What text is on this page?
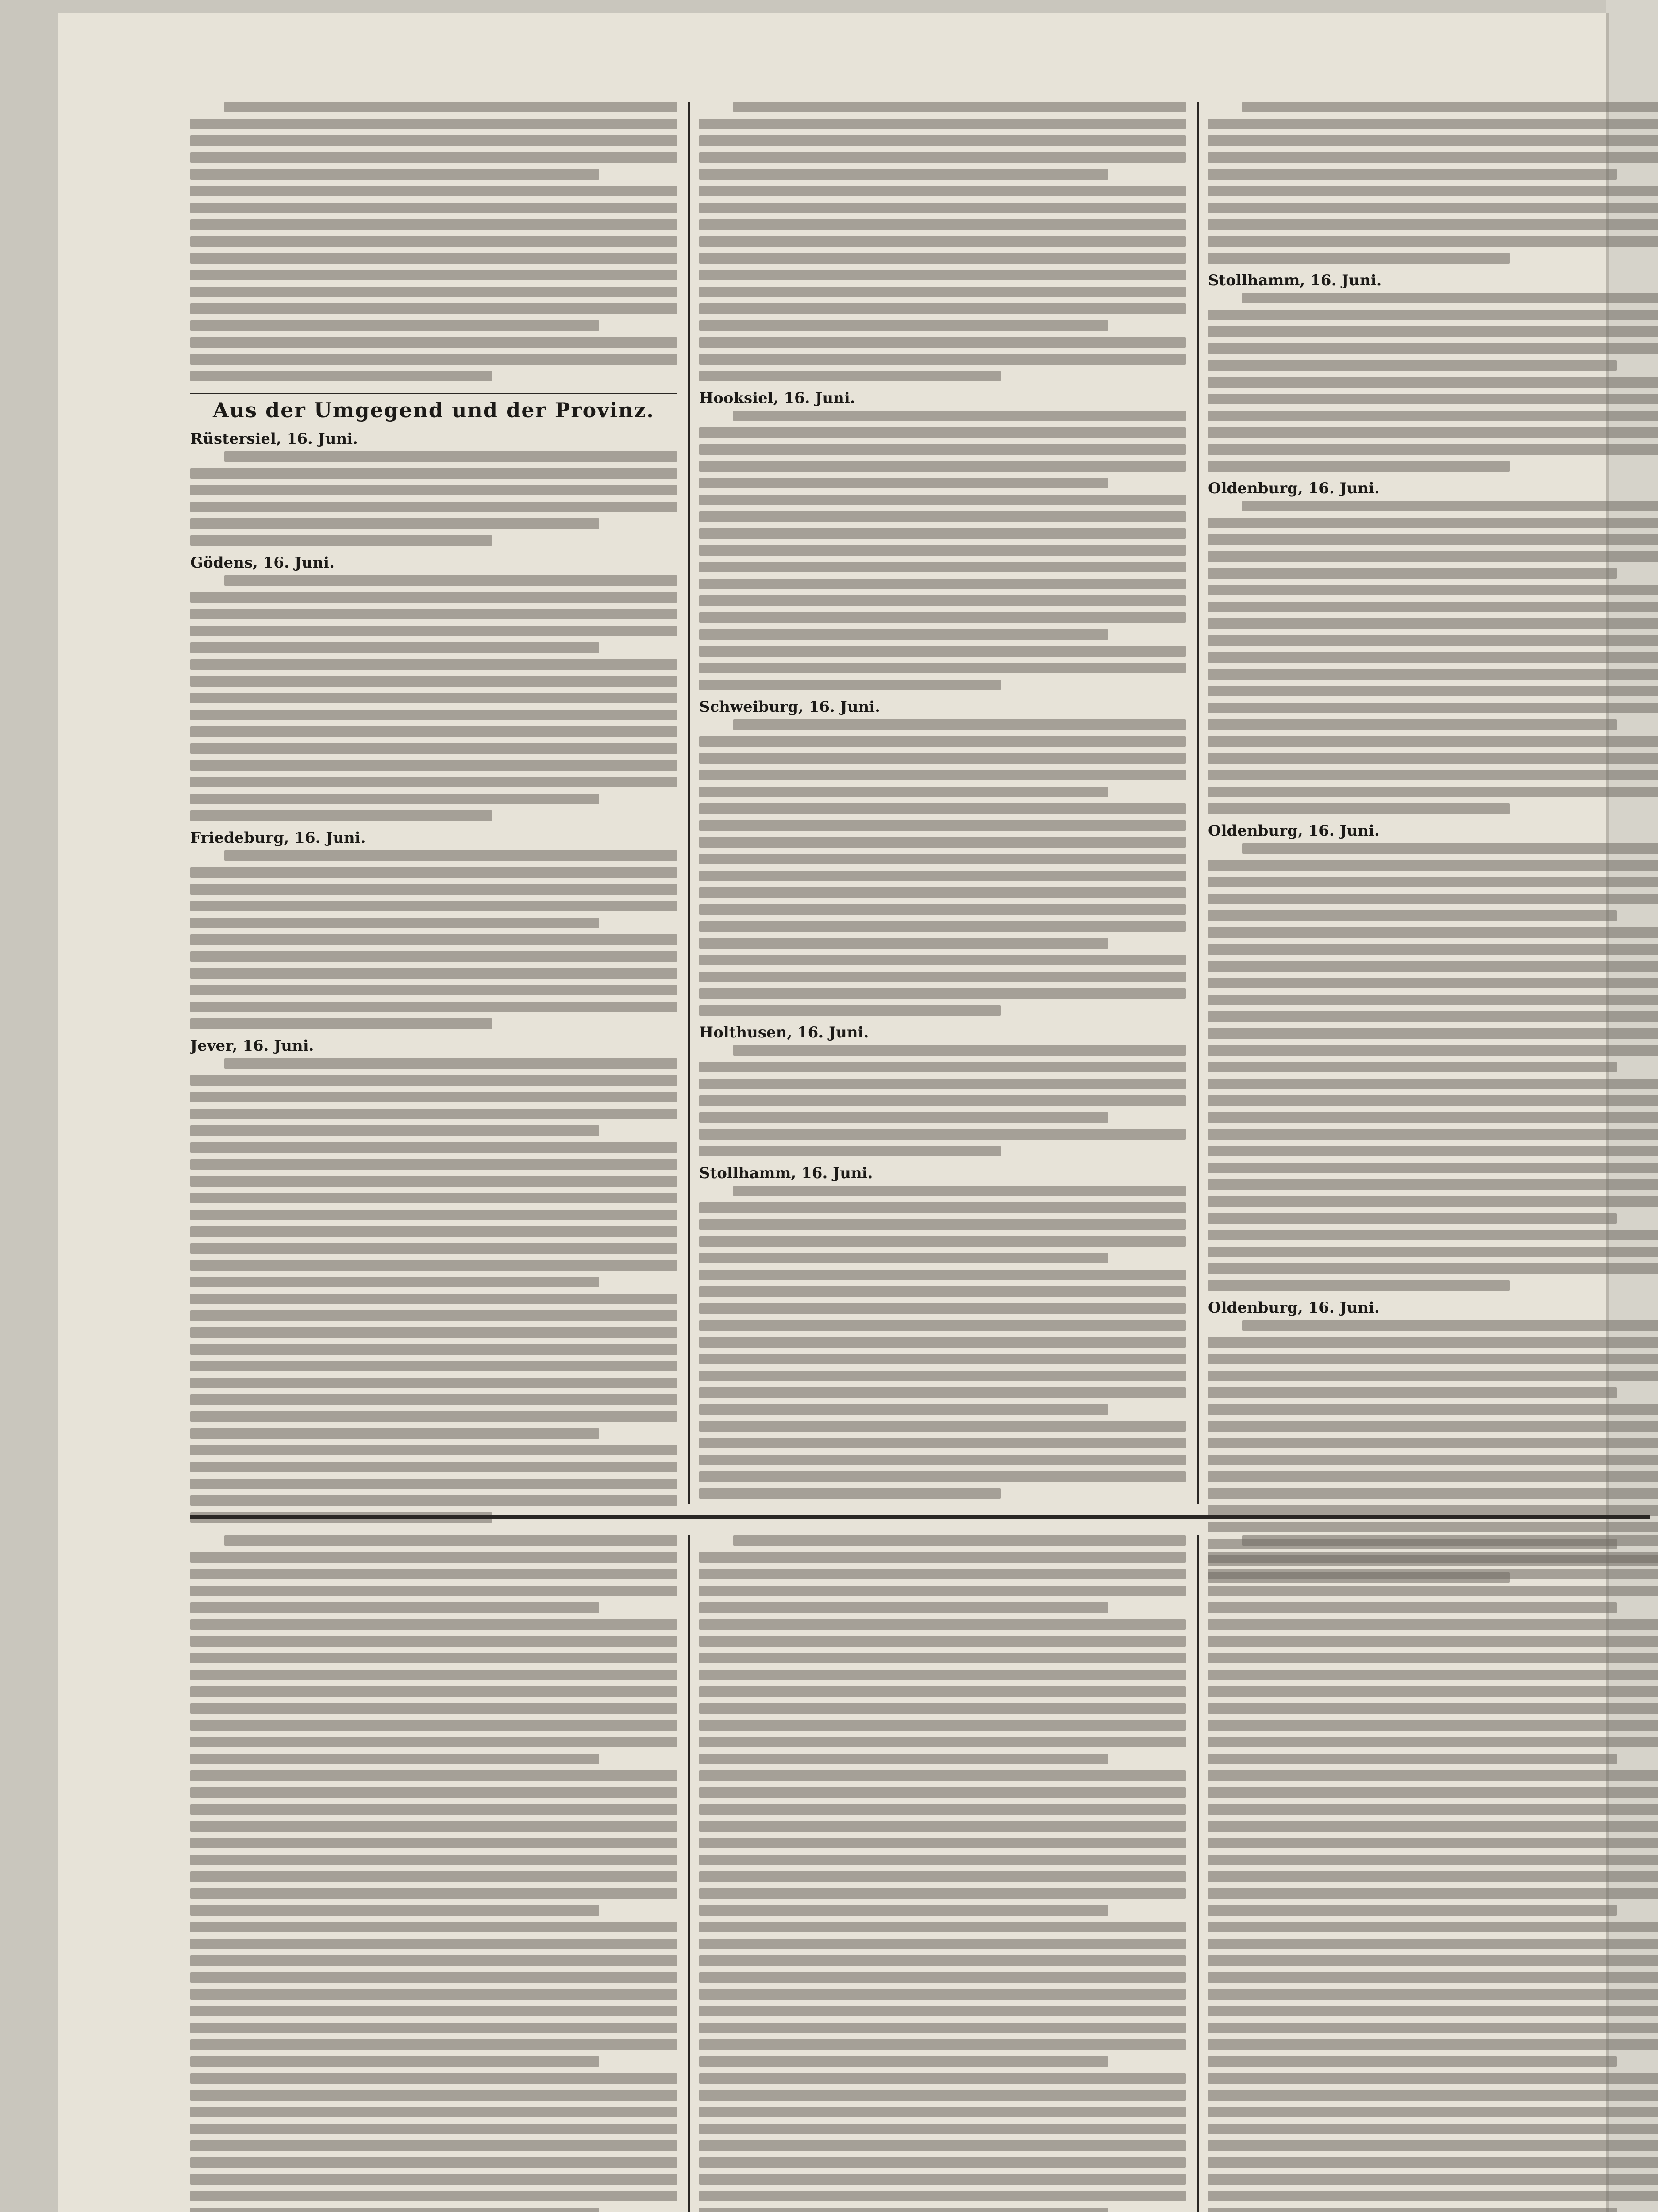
Aus der Umgegend und der Provinz.
Rüstersiel, 16. Juni.
Gödens, 16. Juni.
Friedeburg, 16. Juni.
Jever, 16. Juni.
Hooksiel, 16. Juni.
Schweiburg, 16. Juni.
Holthusen, 16. Juni.
Stollhamm, 16. Juni.
Stollhamm, 16. Juni.
Oldenburg, 16. Juni.
Oldenburg, 16. Juni.
Oldenburg, 16. Juni.
